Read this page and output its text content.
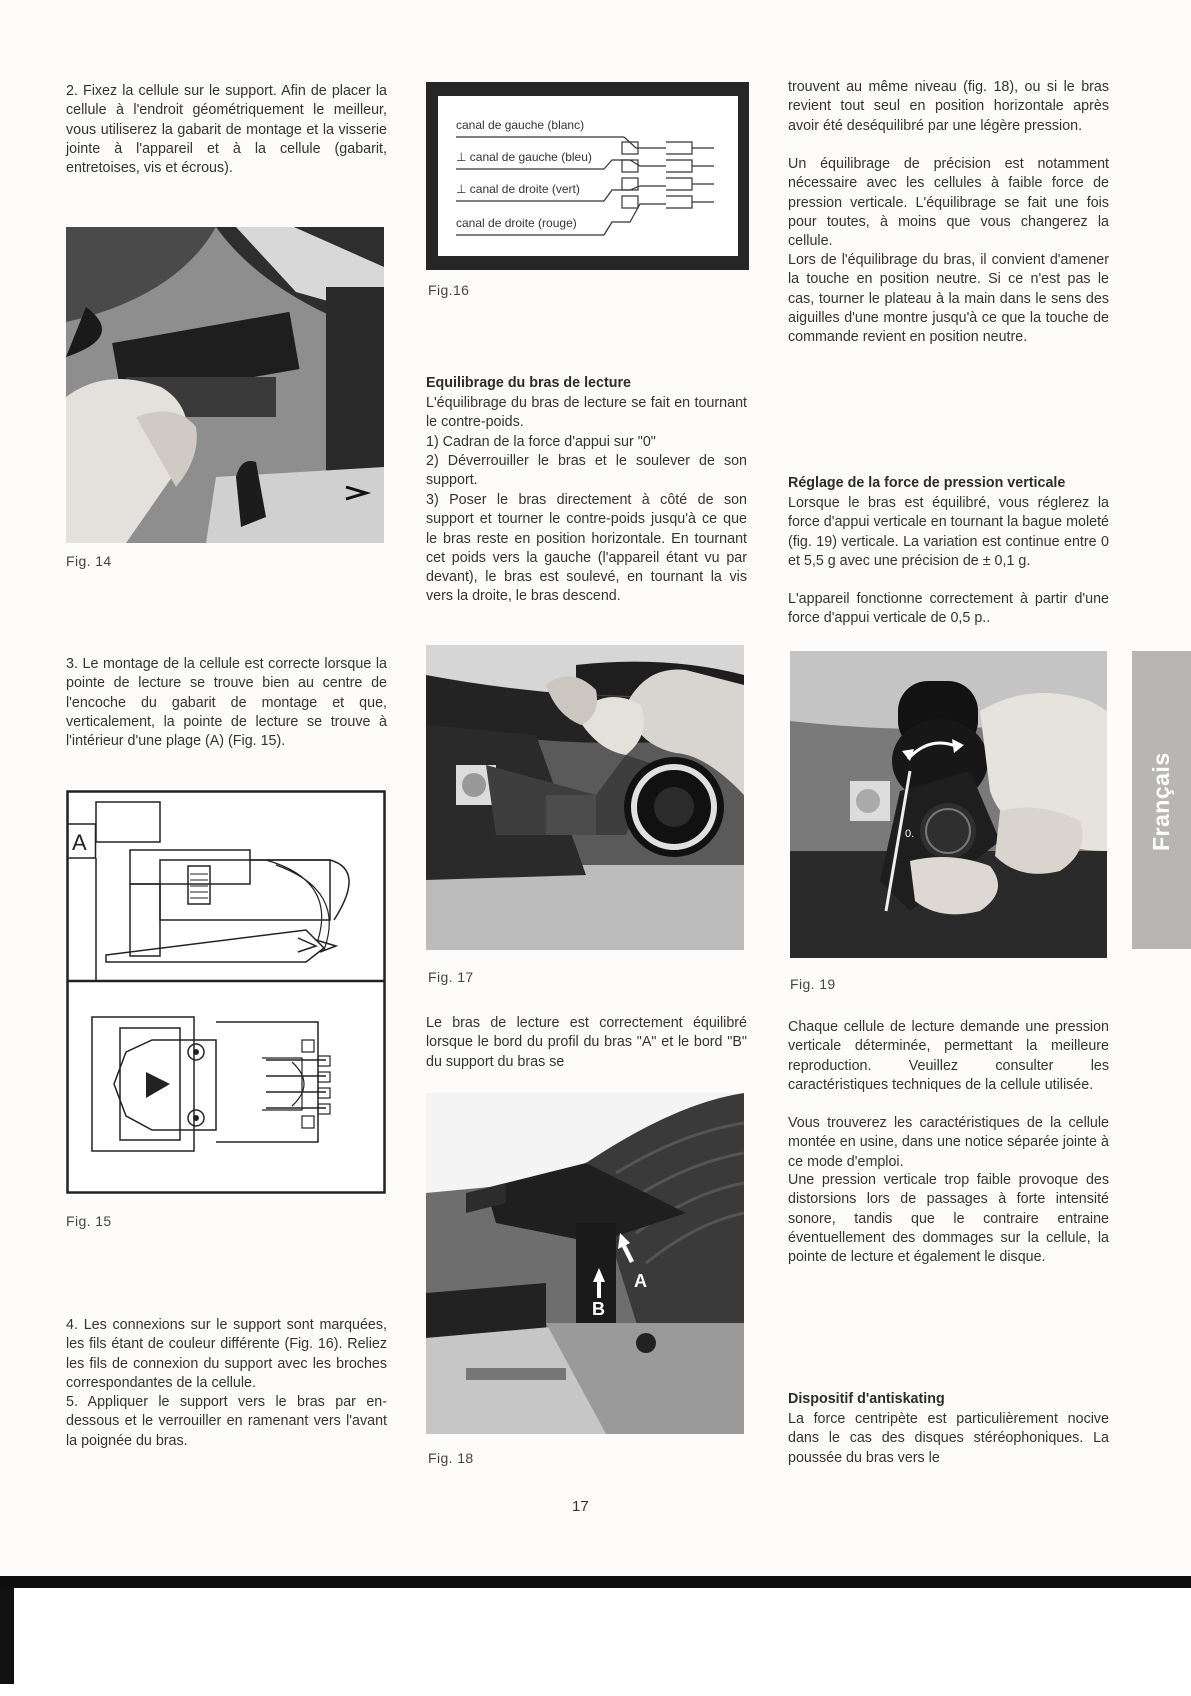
2. Fixez la cellule sur le support. Afin de placer la cellule à l'endroit géométriquement le meilleur, vous utiliserez la gabarit de montage et la visserie jointe à l'appareil et à la cellule (gabarit, entretoises, vis et écrous).

Fig. 14

3. Le montage de la cellule est correcte lorsque la pointe de lecture se trouve bien au centre de l'encoche du gabarit de montage et que, verticalement, la pointe de lecture se trouve à l'intérieur d'une plage (A) (Fig. 15).

A
Fig. 15

4. Les connexions sur le support sont marquées, les fils étant de couleur différente (Fig. 16). Reliez les fils de connexion du support avec les broches correspondantes de la cellule.

5. Appliquer le support vers le bras par en-dessous et le verrouiller en ramenant vers l'avant la poignée du bras.

canal de gauche (blanc)
⊥ canal de gauche (bleu)
⊥ canal de droite (vert)
canal de droite (rouge)
Fig.16
Equilibrage du bras de lecture

L'équilibrage du bras de lecture se fait en tournant le contre-poids.

1) Cadran de la force d'appui sur "0"

2) Déverrouiller le bras et le soulever de son support.

3) Poser le bras directement à côté de son support et tourner le contre-poids jusqu'à ce que le bras reste en position horizontale. En tournant cet poids vers la gauche (l'appareil étant vu par devant), le bras est soulevé, en tournant la vis vers la droite, le bras descend.

Fig. 17

Le bras de lecture est correctement équilibré lorsque le bord du profil du bras "A" et le bord "B" du support du bras se

A
B
Fig. 18

trouvent au même niveau (fig. 18), ou si le bras revient tout seul en position horizontale après avoir été deséquilibré par une légère pression.

Un équilibrage de précision est notamment nécessaire avec les cellules à faible force de pression verticale. L'équilibrage se fait une fois pour toutes, à moins que vous changerez la cellule.

Lors de l'équilibrage du bras, il convient d'amener la touche en position neutre. Si ce n'est pas le cas, tourner le plateau à la main dans le sens des aiguilles d'une montre jusqu'à ce que la touche de commande revient en position neutre.

Réglage de la force de pression verticale

Lorsque le bras est équilibré, vous réglerez la force d'appui verticale en tournant la bague moleté (fig. 19) verticale. La variation est continue entre 0 et 5,5 g avec une précision de ± 0,1 g.

L'appareil fonctionne correctement à partir d'une force d'appui verticale de 0,5 p..

0.
Fig. 19

Chaque cellule de lecture demande une pression verticale déterminée, permettant la meilleure reproduction. Veuillez consulter les caractéristiques techniques de la cellule utilisée.

Vous trouverez les caractéristiques de la cellule montée en usine, dans une notice séparée jointe à ce mode d'emploi.

Une pression verticale trop faible provoque des distorsions lors de passages à forte intensité sonore, tandis que le contraire entraine éventuellement des dommages sur la cellule, la pointe de lecture et également le disque.

Dispositif d'antiskating

La force centripète est particulièrement nocive dans le cas des disques stéréophoniques. La poussée du bras vers le

Français
17
